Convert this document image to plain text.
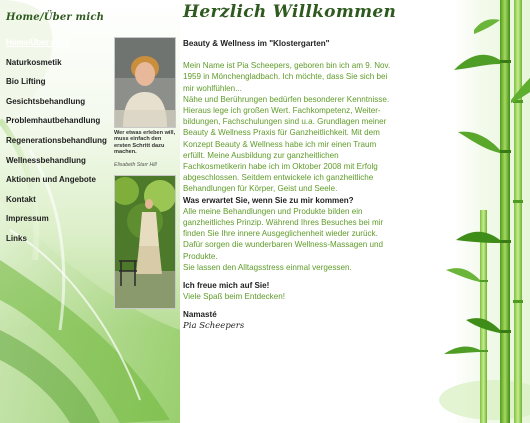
Home/Über mich
Home/Über mich
Naturkosmetik
Bio Lifting
Gesichtsbehandlung
Problemhautbehandlung
Regenerationsbehandlung
Wellnessbehandlung
Aktionen und Angebote
Kontakt
Impressum
Links
Wer etwas erleben will, muss einfach den ersten Schritt dazu machen.
Elisabeth Starr Hill
Herzlich Willkommen

Beauty & Wellness im "Klostergarten"

Mein Name ist Pia Scheepers, geboren bin ich am 9. Nov.

1959 in Mönchengladbach. Ich möchte, dass Sie sich bei

mir wohlfühlen...

Nähe und Berührungen bedürfen besonderer Kenntnisse.

Hieraus lege ich großen Wert. Fachkompetenz, Weiter-

bildungen, Fachschulungen sind u.a. Grundlagen meiner

Beauty & Wellness Praxis für Ganzheitlichkeit. Mit dem

Konzept Beauty & Wellness habe ich mir einen Traum

erfüllt. Meine Ausbildung zur ganzheitlichen

Fachkosmetikerin habe ich im Oktober 2008 mit Erfolg

abgeschlossen. Seitdem entwickele ich ganzheitliche

Behandlungen für Körper, Geist und Seele.

Was erwartet Sie, wenn Sie zu mir kommen?

Alle meine Behandlungen und Produkte bilden ein

ganzheitliches Prinzip. Während Ihres Besuches bei mir

finden Sie Ihre innere Ausgeglichenheit wieder zurück.

Dafür sorgen die wunderbaren Wellness-Massagen und

Produkte.

Sie lassen den Alltagsstress einmal vergessen.

Ich freue mich auf Sie!

Viele Spaß beim Entdecken!

Namasté

Pia Scheepers
